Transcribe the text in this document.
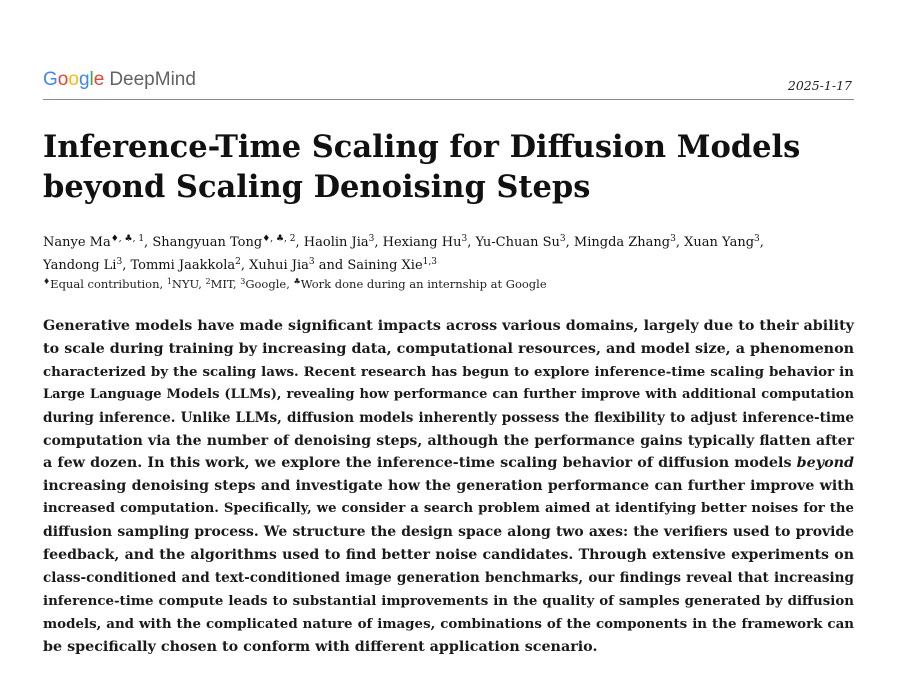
Google DeepMind	2025-1-17
Inference-Time Scaling for Diffusion Models
beyond Scaling Denoising Steps
Nanye $Ma^{♦, ♣, 1}$, Shangyuan Tong$^{♦, ♣, 2}$, Haolin Jia$^3$, Hexiang Hu$^3$, Yu-Chuan Su$^3$, Mingda Zhang$^3$, Xuan Yang$^3$,
Yandong Li$^3$, Tommi Jaakkola$^2$, Xuhui Jia$^3$ and Saining Xie$^{1,3}$
♦Equal contribution, $^1$NYU, $^2$MIT, $^3$Google, ♣Work done during an internship at Google
Generative models have made significant impacts across various domains, largely due to their ability
to scale during training by increasing data, computational resources, and model size, a phenomenon
characterized by the scaling laws. Recent research has begun to explore inference-time scaling behavior in
Large Language Models (LLMs), revealing how performance can further improve with additional computation
during inference. Unlike LLMs, diffusion models inherently possess the flexibility to adjust inference-time
computation via the number of denoising steps, although the performance gains typically flatten after
a few dozen. In this work, we explore the inference-time scaling behavior of diffusion models beyond
increasing denoising steps and investigate how the generation performance can further improve with
increased computation. Specifically, we consider a search problem aimed at identifying better noises for the
diffusion sampling process. We structure the design space along two axes: the verifiers used to provide
feedback, and the algorithms used to find better noise candidates. Through extensive experiments on
class-conditioned and text-conditioned image generation benchmarks, our findings reveal that increasing
inference-time compute leads to substantial improvements in the quality of samples generated by diffusion
models, and with the complicated nature of images, combinations of the components in the framework can
be specifically chosen to conform with different application scenario.
